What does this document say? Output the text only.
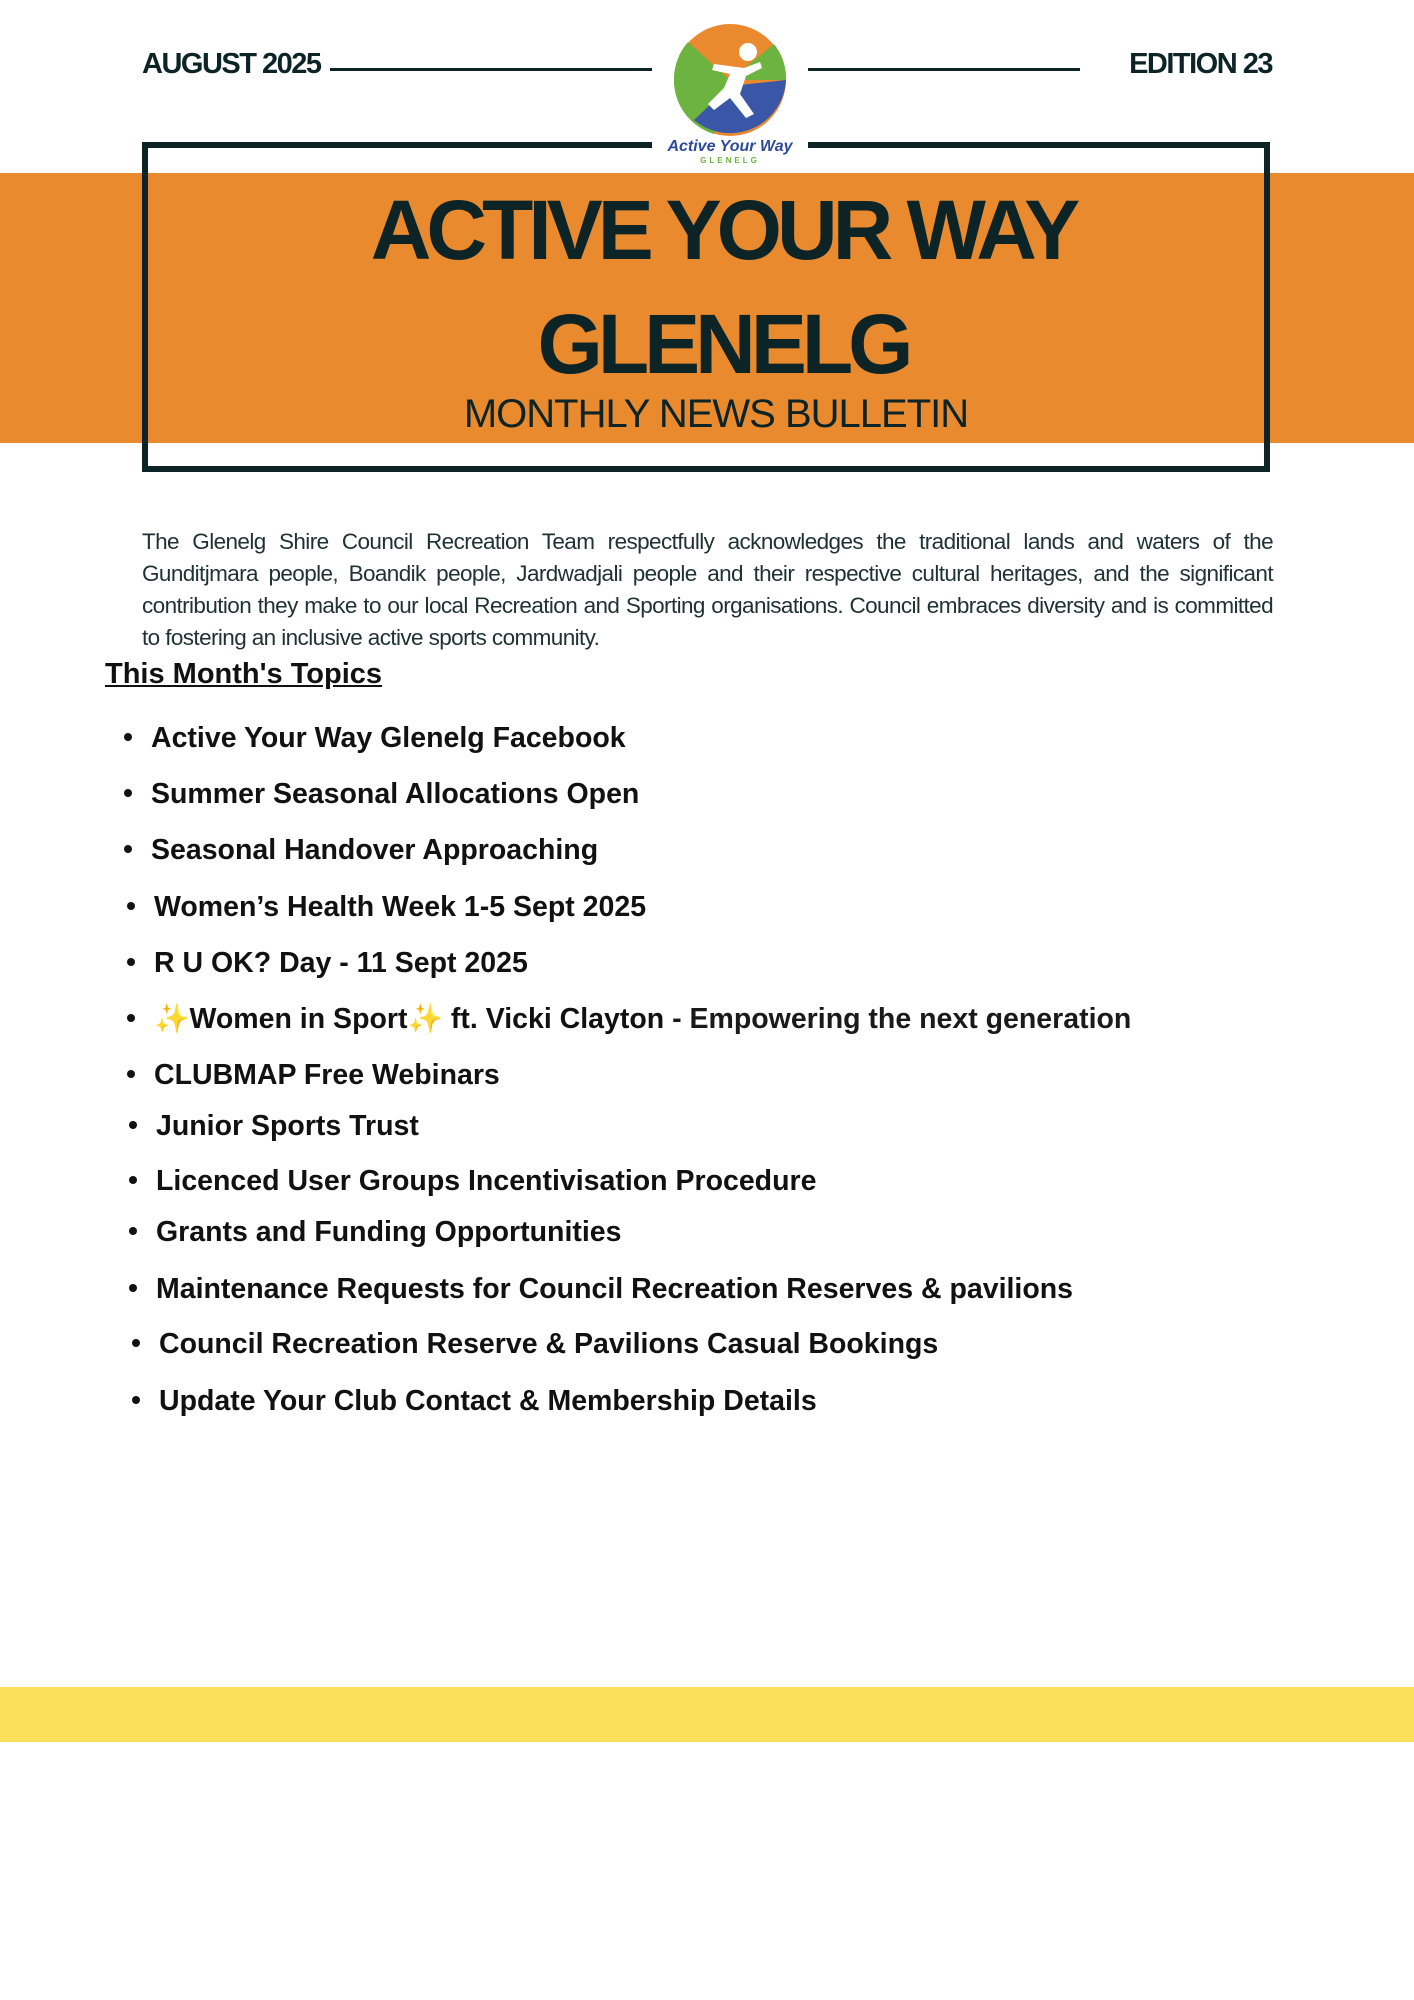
AUGUST 2025	EDITION 23
Active Your Way
GLENELG
ACTIVE YOUR WAY
GLENELG
MONTHLY NEWS BULLETIN

The Glenelg Shire Council Recreation Team respectfully acknowledges the traditional lands and waters of the Gunditjmara people, Boandik people, Jardwadjali people and their respective cultural heritages, and the significant contribution they make to our local Recreation and Sporting organisations. Council embraces diversity and is committed to fostering an inclusive active sports community.

This Month's Topics
Active Your Way Glenelg Facebook
Summer Seasonal Allocations Open
Seasonal Handover Approaching
Women’s Health Week 1-5 Sept 2025
R U OK? Day - 11 Sept 2025
✨Women in Sport✨ ft. Vicki Clayton - Empowering the next generation
CLUBMAP Free Webinars
Junior Sports Trust
Licenced User Groups Incentivisation Procedure
Grants and Funding Opportunities
Maintenance Requests for Council Recreation Reserves & pavilions
Council Recreation Reserve & Pavilions Casual Bookings
Update Your Club Contact & Membership Details
